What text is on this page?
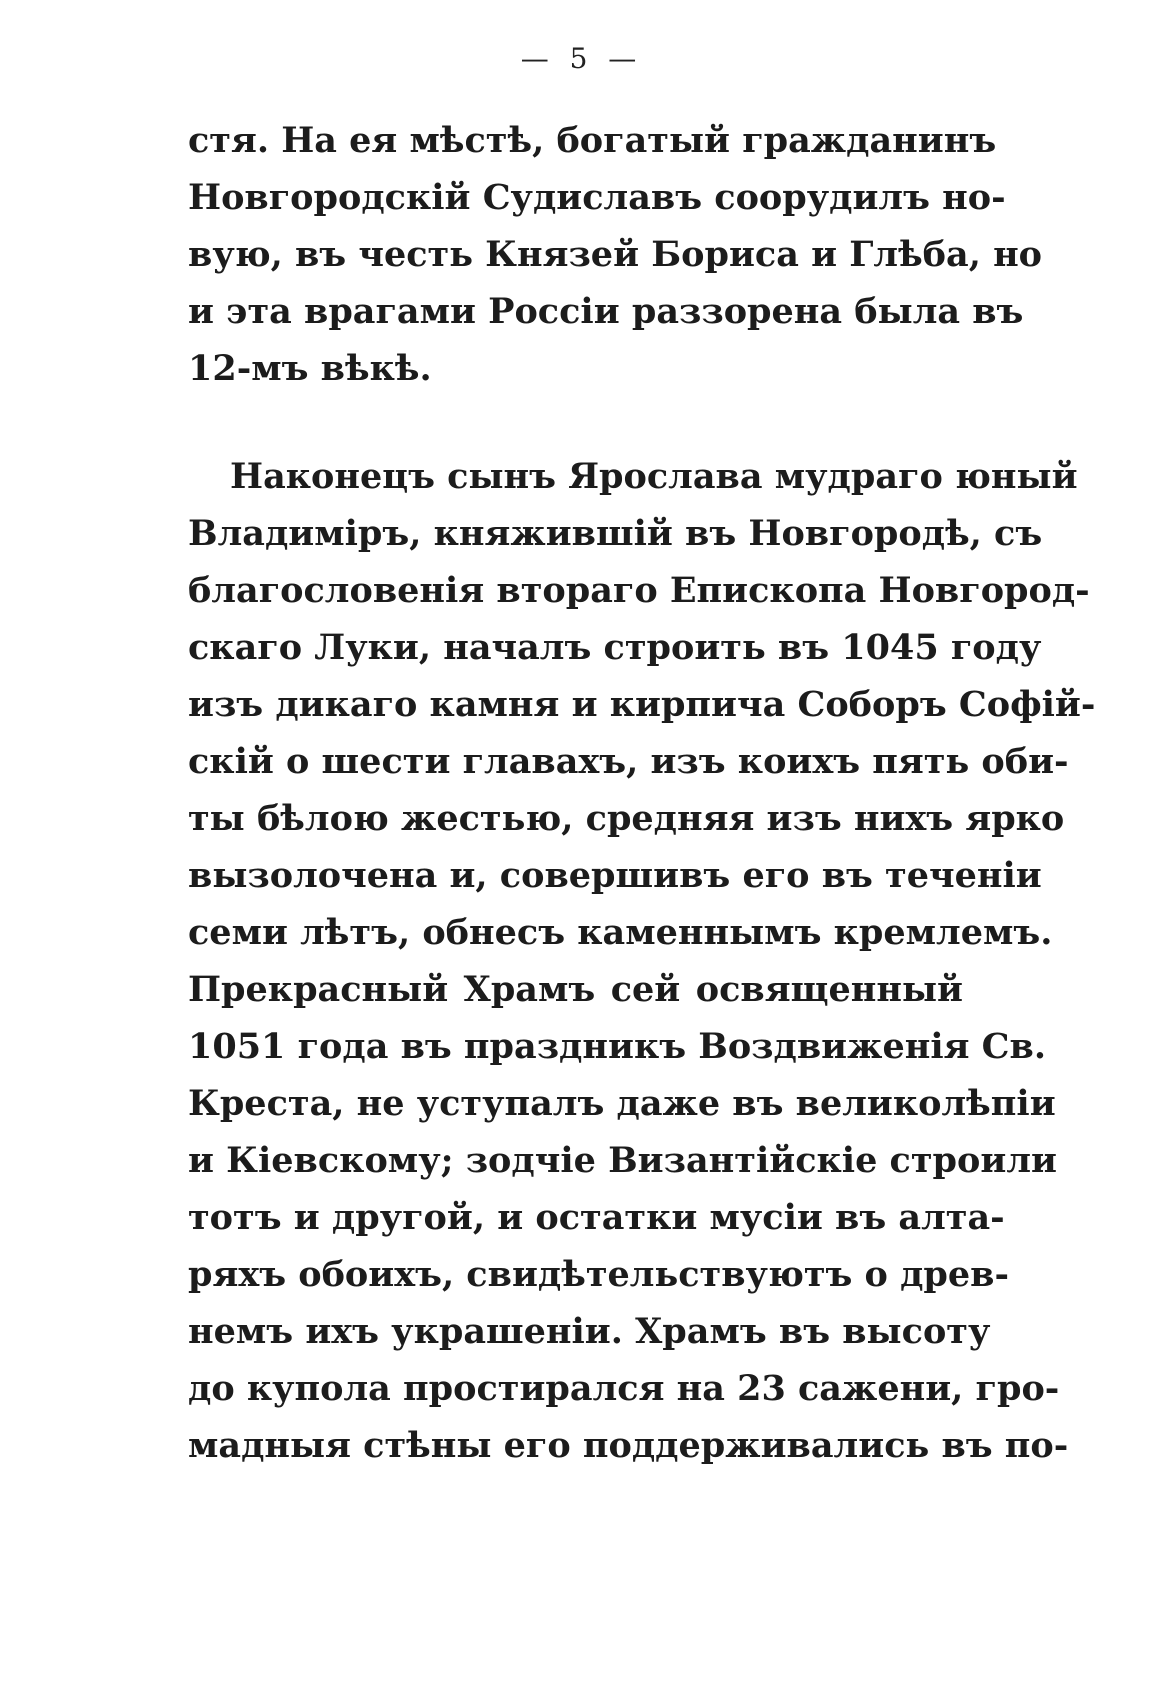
— 5 —
стя. На ея мѣстѣ, богатый гражданинъ
Новгородскій Судиславъ соорудилъ но-
вую, въ честь Князей Бориса и Глѣба, но
и эта врагами Россіи раззорена была въ
12-мъ вѣкѣ.
Наконецъ сынъ Ярослава мудраго юный
Владиміръ, княжившій въ Новгородѣ, съ
благословенія втораго Епископа Новгород-
скаго Луки, началъ строить въ 1045 году
изъ дикаго камня и кирпича Соборъ Софій-
скій о шести главахъ, изъ коихъ пять оби-
ты бѣлою жестью, средняя изъ нихъ ярко
вызолочена и, совершивъ его въ теченіи
семи лѣтъ, обнесъ каменнымъ кремлемъ.
Прекрасный Храмъ сей освященный
1051 года въ праздникъ Воздвиженія Св.
Креста, не уступалъ даже въ великолѣпіи
и Кіевскому; зодчіе Византійскіе строили
тотъ и другой, и остатки мусіи въ алта-
ряхъ обоихъ, свидѣтельствуютъ о древ-
немъ ихъ украшеніи. Храмъ въ высоту
до купола простирался на 23 сажени, гро-
мадныя стѣны его поддерживались въ по-
